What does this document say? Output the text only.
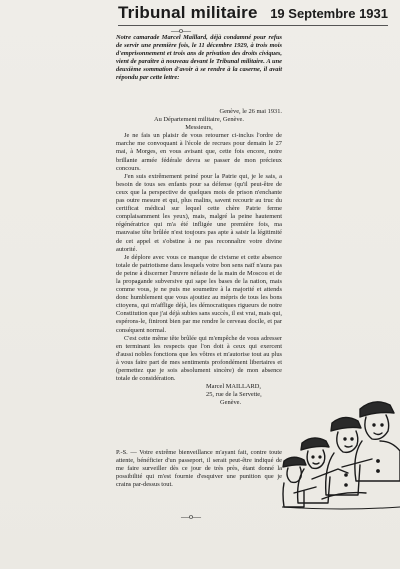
Tribunal militaire 19 Septembre 1931
—o—

Notre camarade Marcel Maillard, déjà condamné pour refus de servir une première fois, le 11 décembre 1929, à trois mois d'emprisonnement et trois ans de privation des droits civiques, vient de paraître à nouveau devant le Tribunal militaire. A une deuxième sommation d'avoir à se rendre à la caserne, il avait répondu par cette lettre:

Genève, le 26 mai 1931.

Au Département militaire, Genève.

Messieurs,

Je ne fais un plaisir de vous retourner ci-inclus l'ordre de marche me convoquant à l'école de recrues pour demain le 27 mai, à Morges, en vous avisant que, cette fois encore, notre brillante armée fédérale devra se passer de mon précieux concours.

J'en suis extrêmement peiné pour la Patrie qui, je le sais, a besoin de tous ses enfants pour sa défense (qu'il peut-être de ceux que la perspective de quelques mois de prison n'enchante pas outre mesure et qui, plus malins, savent recourir au truc du certificat médical sur lequel cette chère Patrie ferme complaisamment les yeux), mais, malgré la peine hautement régénératrice qui m'a été infligée une première fois, ma mauvaise tête brûlée n'est toujours pas apte à saisir la légitimité de cet appel et s'obstine à ne pas reconnaître votre divine autorité.

Je déplore avec vous ce manque de civisme et cette absence totale de patriotisme dans lesquels votre bon sens naïf n'aura pas de peine à discerner l'œuvre néfaste de la main de Moscou et de la propagande subversive qui sape les bases de la nation, mais comme vous, je ne puis me soumettre à la majorité et attends donc humblement que vous ajoutiez au mépris de tous les bons citoyens, qui m'afflige déjà, les démocratiques rigueurs de notre Constitution que j'ai déjà subies sans succès, il est vrai, mais qui, espérons-le, finiront bien par me rendre le cerveau docile, et par conséquent normal.

C'est cette même tête brûlée qui m'empêche de vous adresser en terminant les respects que l'on doit à ceux qui exercent d'aussi nobles fonctions que les vôtres et m'autorise tout au plus à vous faire part de mes sentiments profondément libertaires et (permettez que je sois absolument sincère) de mon absence totale de considération.

Marcel MAILLARD,

25, rue de la Servette,

Genève.

P.-S. — Votre extrême bienveillance m'ayant fait, contre toute attente, bénéficier d'un passeport, il serait peut-être indiqué de me faire surveiller dès ce jour de très près, étant donné la possibilité qui m'est fournie d'esquiver une punition que je crains par-dessus tout.

—o—
